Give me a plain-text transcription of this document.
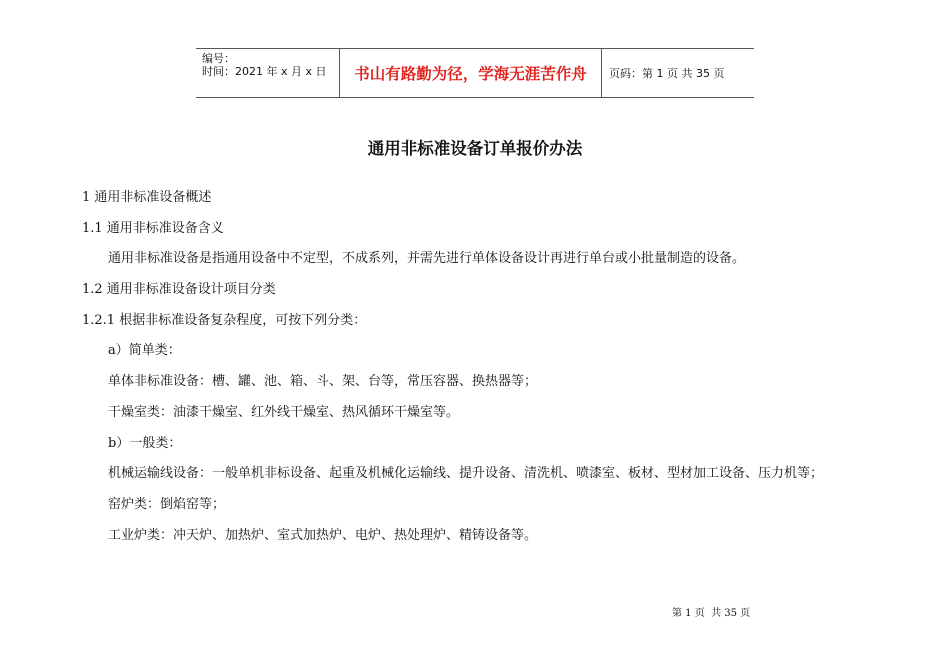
编号：
时间：2021 年 x 月 x 日	书山有路勤为径，学海无涯苦作舟	页码：第 1 页 共 35 页
通用非标准设备订单报价办法
1 通用非标准设备概述
1.1 通用非标准设备含义
通用非标准设备是指通用设备中不定型，不成系列，并需先进行单体设备设计再进行单台或小批量制造的设备。
1.2 通用非标准设备设计项目分类
1.2.1 根据非标准设备复杂程度，可按下列分类：
a）简单类：
单体非标准设备：槽、罐、池、箱、斗、架、台等，常压容器、换热器等；
干燥室类：油漆干燥室、红外线干燥室、热风循环干燥室等。
b）一般类：
机械运输线设备：一般单机非标设备、起重及机械化运输线、提升设备、清洗机、喷漆室、板材、型材加工设备、压力机等；
窑炉类：倒焰窑等；
工业炉类：冲天炉、加热炉、室式加热炉、电炉、热处理炉、精铸设备等。
第 1 页  共 35 页
